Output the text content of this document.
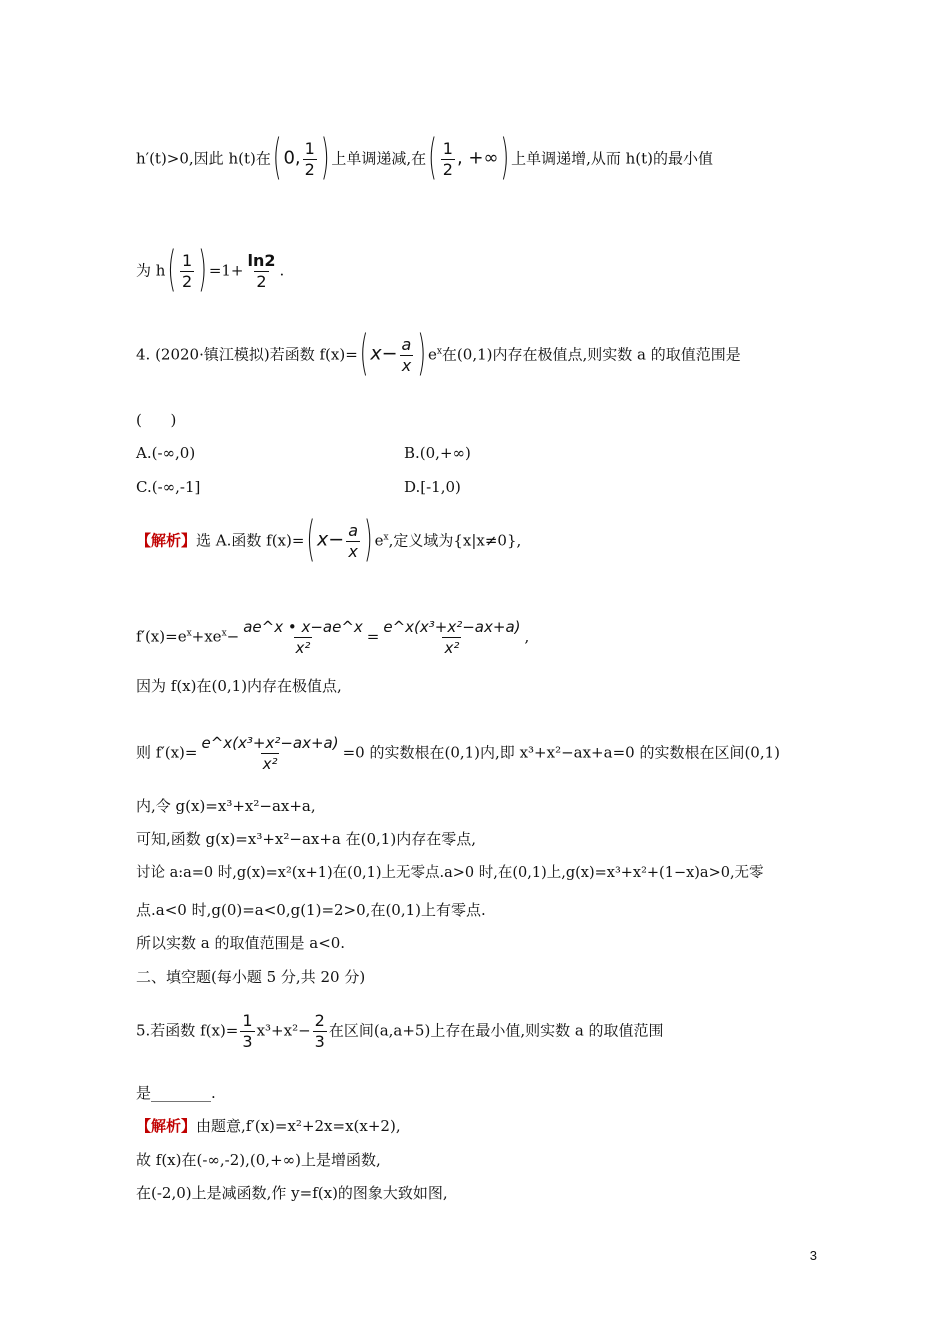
h′(t)>0,因此 h(t)在( 0, $\frac{1}{2}$ ) 上单调递减,在( $\frac{1}{2}$ , +∞) 上单调递增,从而 h(t)的最小值
为 $h( \frac{1}{2}$ ) $=1+ \frac{\ln 2}{2}$ .
4. (2020·镇江模拟)若函数 f(x)=( $x- \frac{a}{x}$ ) $e^x$在(0,1)内存在极值点,则实数 a 的取值范围是
(      )
A.(-∞,0)	B.(0,+∞)
C.(-∞,-1]	D.[-1,0)
【解析】选 A.函数 f(x)=( $x- \frac{a}{x}$ ) $e^x$,定义域为{x|x≠0},
$f'(x)=e^x+xe^x- \frac{ae\^{}x • x-ae\^{}x}{\text{x²}} = \frac{\text{e\textasciicircum{}x(x³+x²−ax+a)}}{\text{x²}}$ ,
因为 f(x)在(0,1)内存在极值点,
则 $f'(x)= \frac{\text{e\textasciicircum{}x(x³+x²−ax+a)}}{\text{x²}} =0$ 的实数根在(0,1)内,即 x³+x²−ax+a=0 的实数根在区间(0,1)
内,令 g(x)=x³+x²−ax+a,
可知,函数 g(x)=x³+x²−ax+a 在(0,1)内存在零点,
讨论 a:a=0 时,g(x)=x²(x+1)在(0,1)上无零点.a>0 时,在(0,1)上,g(x)=x³+x²+(1−x)a>0,无零
点.a<0 时,g(0)=a<0,g(1)=2>0,在(0,1)上有零点.
所以实数 a 的取值范围是 a<0.
二、填空题(每小题 5 分,共 20 分)
5.若函数 $f(x)= \frac{1}{3} x^3+x^2- \frac{2}{3}$ 在区间(a,a+5)上存在最小值,则实数 a 的取值范围
是________.
【解析】由题意,f′(x)=x²+2x=x(x+2),
故 f(x)在(-∞,-2),(0,+∞)上是增函数,
在(-2,0)上是减函数,作 y=f(x)的图象大致如图,
3
